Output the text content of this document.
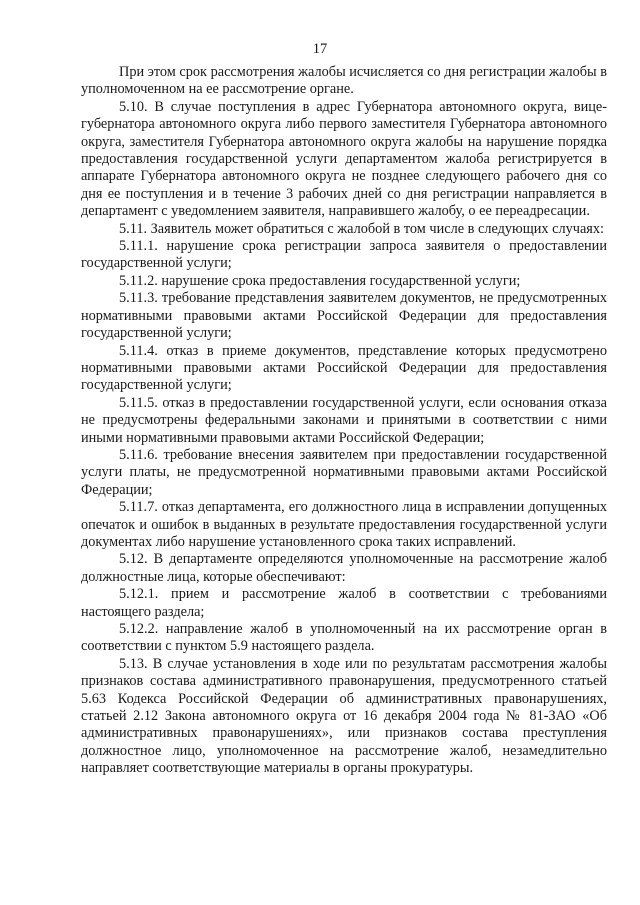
17

При этом срок рассмотрения жалобы исчисляется со дня регистрации жалобы в уполномоченном на ее рассмотрение органе.

5.10. В случае поступления в адрес Губернатора автономного округа, вице-губернатора автономного округа либо первого заместителя Губернатора автономного округа, заместителя Губернатора автономного округа жалобы на нарушение порядка предоставления государственной услуги департаментом жалоба регистрируется в аппарате Губернатора автономного округа не позднее следующего рабочего дня со дня ее поступления и в течение 3 рабочих дней со дня регистрации направляется в департамент с уведомлением заявителя, направившего жалобу, о ее переадресации.

5.11. Заявитель может обратиться с жалобой в том числе в следующих случаях:

5.11.1. нарушение срока регистрации запроса заявителя о предоставлении государственной услуги;

5.11.2. нарушение срока предоставления государственной услуги;

5.11.3. требование представления заявителем документов, не предусмотренных нормативными правовыми актами Российской Федерации для предоставления государственной услуги;

5.11.4. отказ в приеме документов, представление которых предусмотрено нормативными правовыми актами Российской Федерации для предоставления государственной услуги;

5.11.5. отказ в предоставлении государственной услуги, если основания отказа не предусмотрены федеральными законами и принятыми в соответствии с ними иными нормативными правовыми актами Российской Федерации;

5.11.6. требование внесения заявителем при предоставлении государственной услуги платы, не предусмотренной нормативными правовыми актами Российской Федерации;

5.11.7. отказ департамента, его должностного лица в исправлении допущенных опечаток и ошибок в выданных в результате предоставления государственной услуги документах либо нарушение установленного срока таких исправлений.

5.12. В департаменте определяются уполномоченные на рассмотрение жалоб должностные лица, которые обеспечивают:

5.12.1. прием и рассмотрение жалоб в соответствии с требованиями настоящего раздела;

5.12.2. направление жалоб в уполномоченный на их рассмотрение орган в соответствии с пунктом 5.9 настоящего раздела.

5.13. В случае установления в ходе или по результатам рассмотрения жалобы признаков состава административного правонарушения, предусмотренного статьей 5.63 Кодекса Российской Федерации об административных правонарушениях, статьей 2.12 Закона автономного округа от 16 декабря 2004 года № 81-ЗАО «Об административных правонарушениях», или признаков состава преступления должностное лицо, уполномоченное на рассмотрение жалоб, незамедлительно направляет соответствующие материалы в органы прокуратуры.
